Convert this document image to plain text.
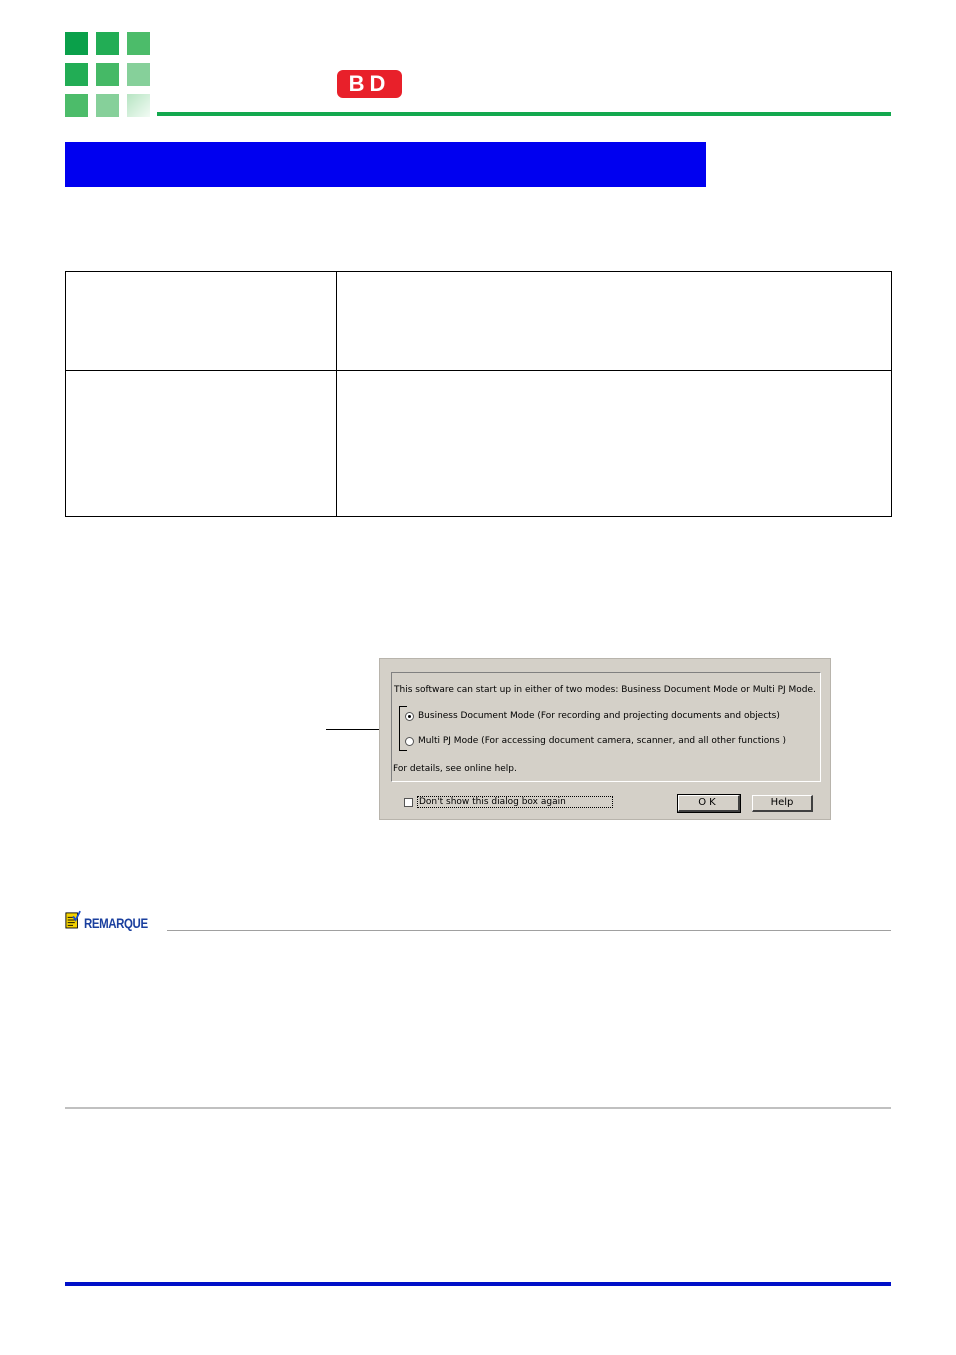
BD

This software can start up in either of two modes: Business Document Mode or Multi PJ Mode.
Business Document Mode (For recording and projecting documents and objects)
Multi PJ Mode (For accessing document camera, scanner, and all other functions )
For details, see online help.
Don't show this dialog box again	OK	Help
REMARQUE
